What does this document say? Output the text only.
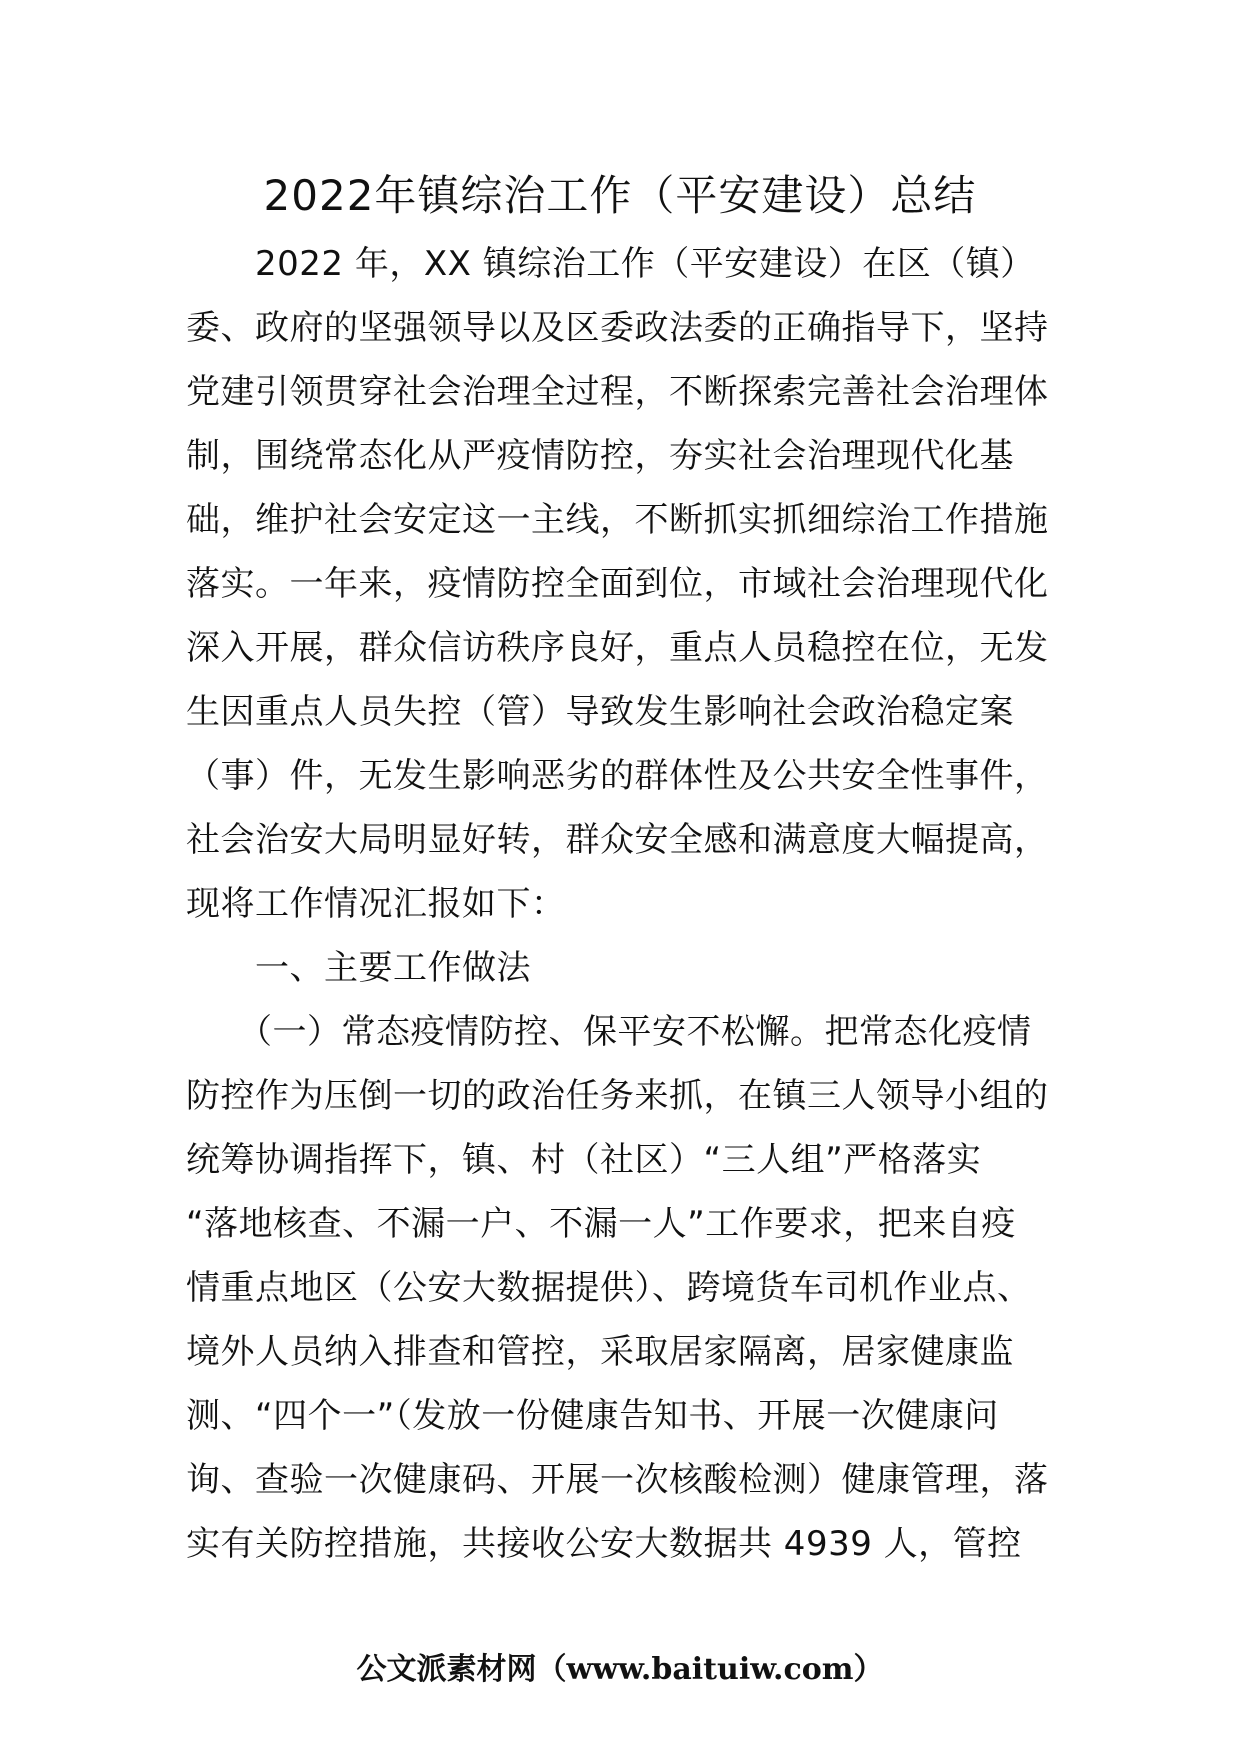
2022年镇综治工作（平安建设）总结
　　2022 年，XX 镇综治工作（平安建设）在区（镇）
委、政府的坚强领导以及区委政法委的正确指导下，坚持
党建引领贯穿社会治理全过程，不断探索完善社会治理体
制，围绕常态化从严疫情防控，夯实社会治理现代化基
础，维护社会安定这一主线，不断抓实抓细综治工作措施
落实。一年来，疫情防控全面到位，市域社会治理现代化
深入开展，群众信访秩序良好，重点人员稳控在位，无发
生因重点人员失控（管）导致发生影响社会政治稳定案
（事）件，无发生影响恶劣的群体性及公共安全性事件，
社会治安大局明显好转，群众安全感和满意度大幅提高，
现将工作情况汇报如下：
　　一、主要工作做法
　　（一）常态疫情防控、保平安不松懈。把常态化疫情
防控作为压倒一切的政治任务来抓，在镇三人领导小组的
统筹协调指挥下，镇、村（社区）“三人组”严格落实
“落地核查、不漏一户、不漏一人”工作要求，把来自疫
情重点地区（公安大数据提供）、跨境货车司机作业点、
境外人员纳入排查和管控，采取居家隔离，居家健康监
测、“四个一”（发放一份健康告知书、开展一次健康问
询、查验一次健康码、开展一次核酸检测）健康管理，落
实有关防控措施，共接收公安大数据共 4939 人，管控
公文派素材网（www.baituiw.com）
